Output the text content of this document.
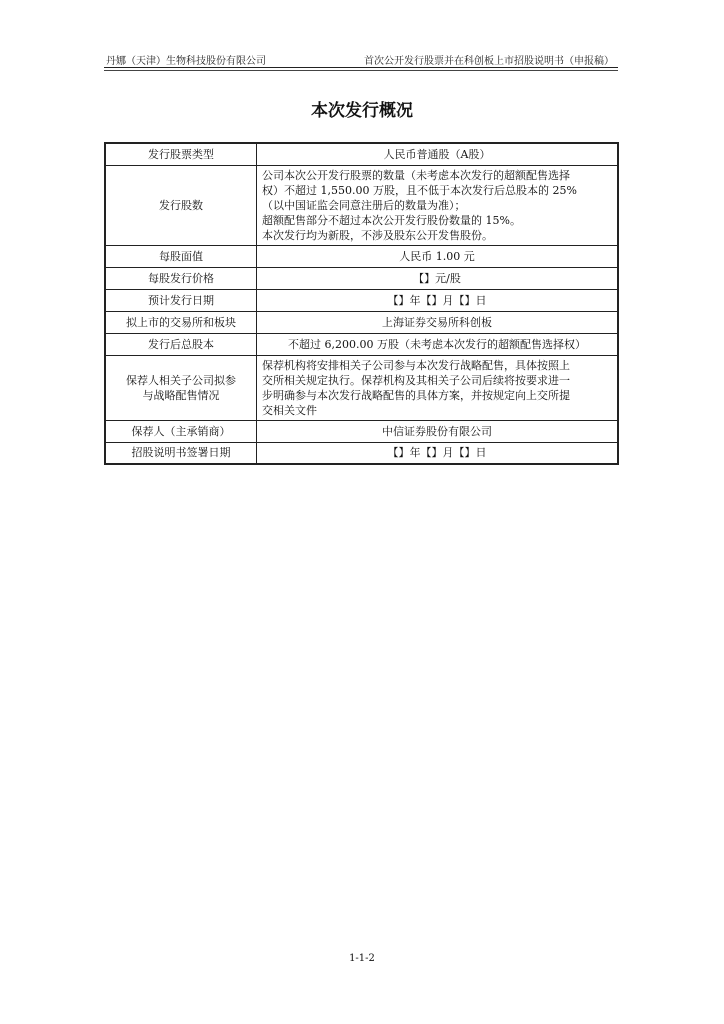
丹娜（天津）生物科技股份有限公司	首次公开发行股票并在科创板上市招股说明书（申报稿）
本次发行概况
发行股票类型	人民币普通股（A股）
发行股数	公司本次公开发行股票的数量（未考虑本次发行的超额配售选择
权）不超过 1,550.00 万股，且不低于本次发行后总股本的 25%
（以中国证监会同意注册后的数量为准）；
超额配售部分不超过本次公开发行股份数量的 15%。
本次发行均为新股，不涉及股东公开发售股份。

每股面值	人民币 1.00 元
每股发行价格	【】元/股
预计发行日期	【】年【】月【】日
拟上市的交易所和板块	上海证券交易所科创板
发行后总股本	不超过 6,200.00 万股（未考虑本次发行的超额配售选择权）

保荐人相关子公司拟参
与战略配售情况	保荐机构将安排相关子公司参与本次发行战略配售，具体按照上
交所相关规定执行。保荐机构及其相关子公司后续将按要求进一
步明确参与本次发行战略配售的具体方案，并按规定向上交所提
交相关文件

保荐人（主承销商）	中信证券股份有限公司
招股说明书签署日期	【】年【】月【】日
1-1-2
